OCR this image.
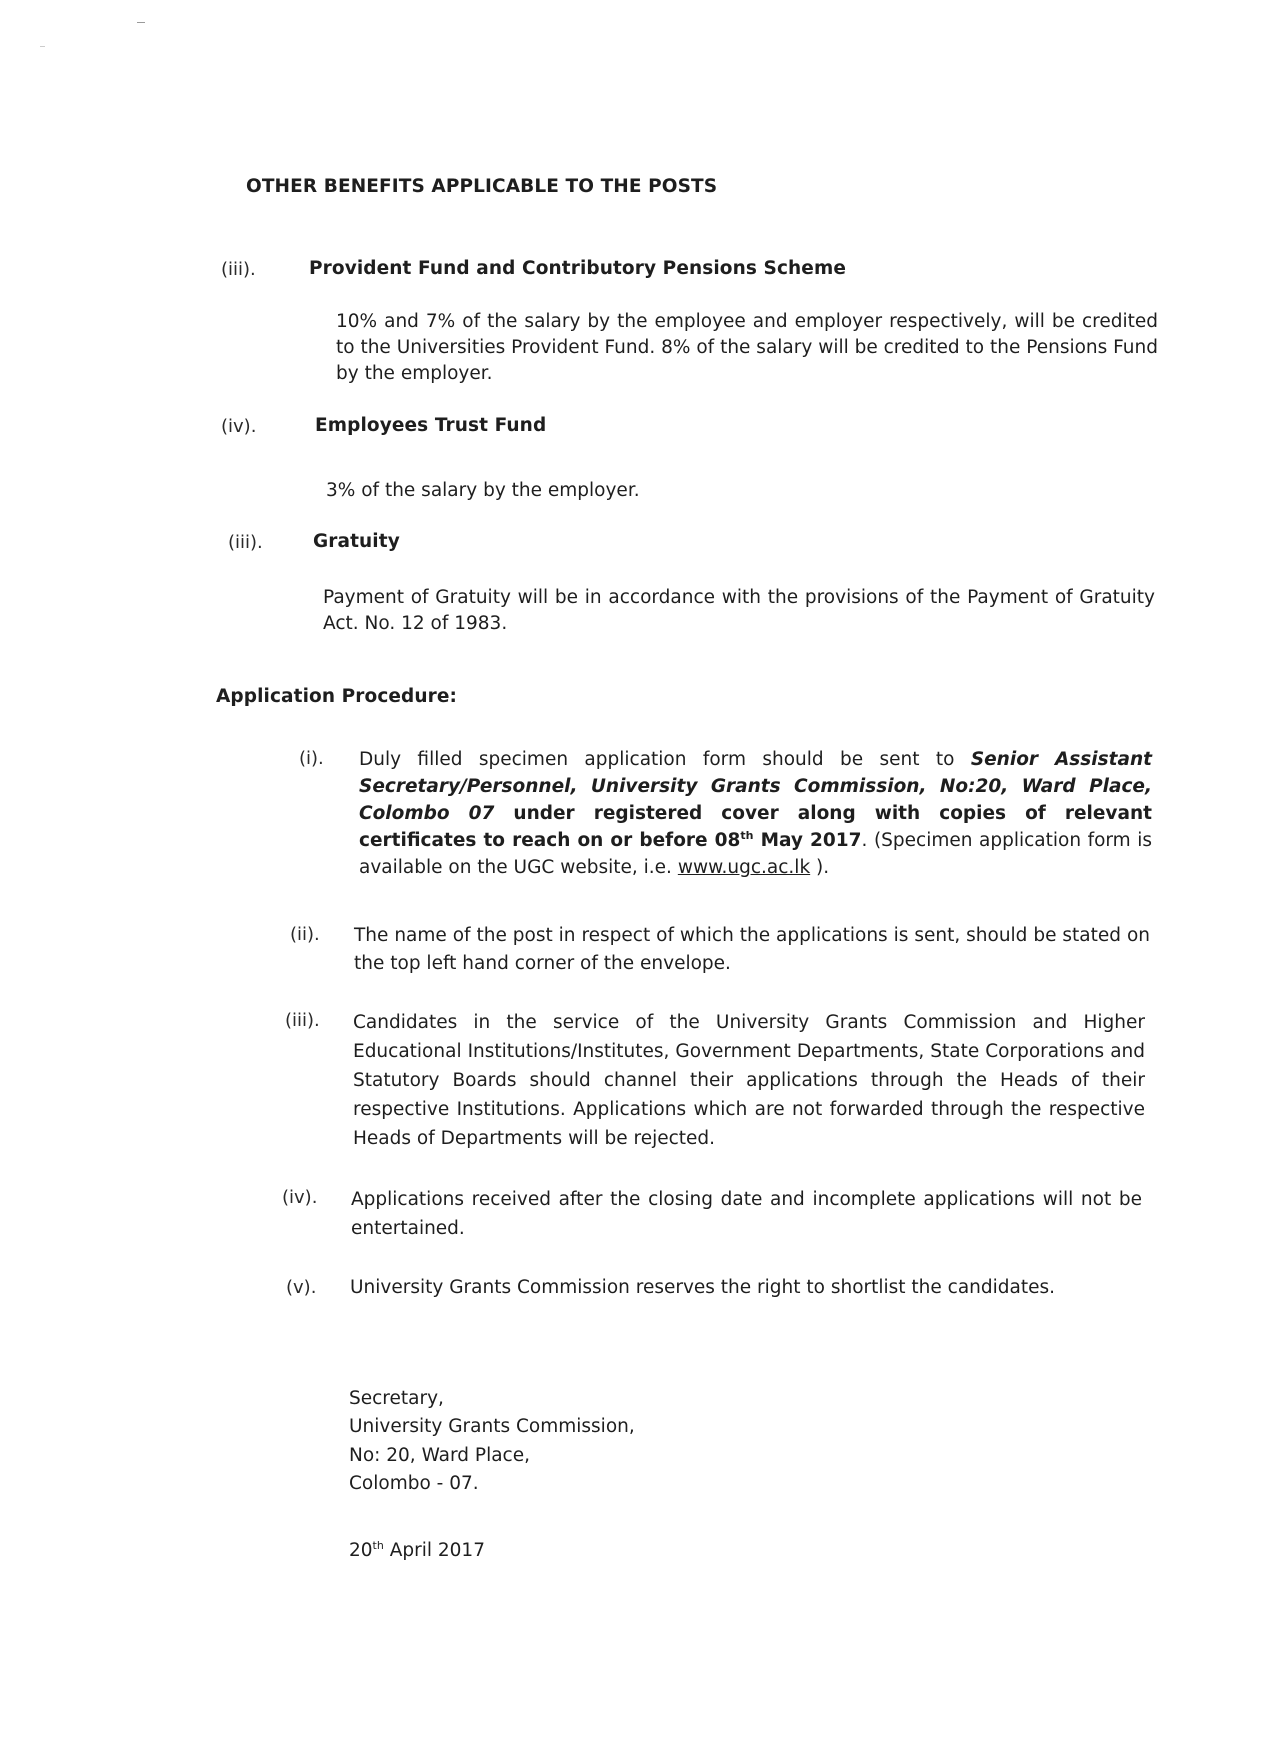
OTHER BENEFITS APPLICABLE TO THE POSTS
(iii).	Provident Fund and Contributory Pensions Scheme
10% and 7% of the salary by the employee and employer respectively, will be credited to the Universities Provident Fund. 8% of the salary will be credited to the Pensions Fund by the employer.
(iv).	Employees Trust Fund
3% of the salary by the employer.
(iii).	Gratuity
Payment of Gratuity will be in accordance with the provisions of the Payment of Gratuity Act. No. 12 of 1983.
Application Procedure:
(i). Duly filled specimen application form should be sent to Senior Assistant Secretary/Personnel, University Grants Commission, No:20, Ward Place, Colombo 07 under registered cover along with copies of relevant certificates to reach on or before 08th May 2017. (Specimen application form is available on the UGC website, i.e. www.ugc.ac.lk ).
(ii). The name of the post in respect of which the applications is sent, should be stated on the top left hand corner of the envelope.
(iii). Candidates in the service of the University Grants Commission and Higher Educational Institutions/Institutes, Government Departments, State Corporations and Statutory Boards should channel their applications through the Heads of their respective Institutions. Applications which are not forwarded through the respective Heads of Departments will be rejected.
(iv). Applications received after the closing date and incomplete applications will not be entertained.
(v). University Grants Commission reserves the right to shortlist the candidates.
Secretary,
University Grants Commission,
No: 20, Ward Place,
Colombo - 07.
20th April 2017
